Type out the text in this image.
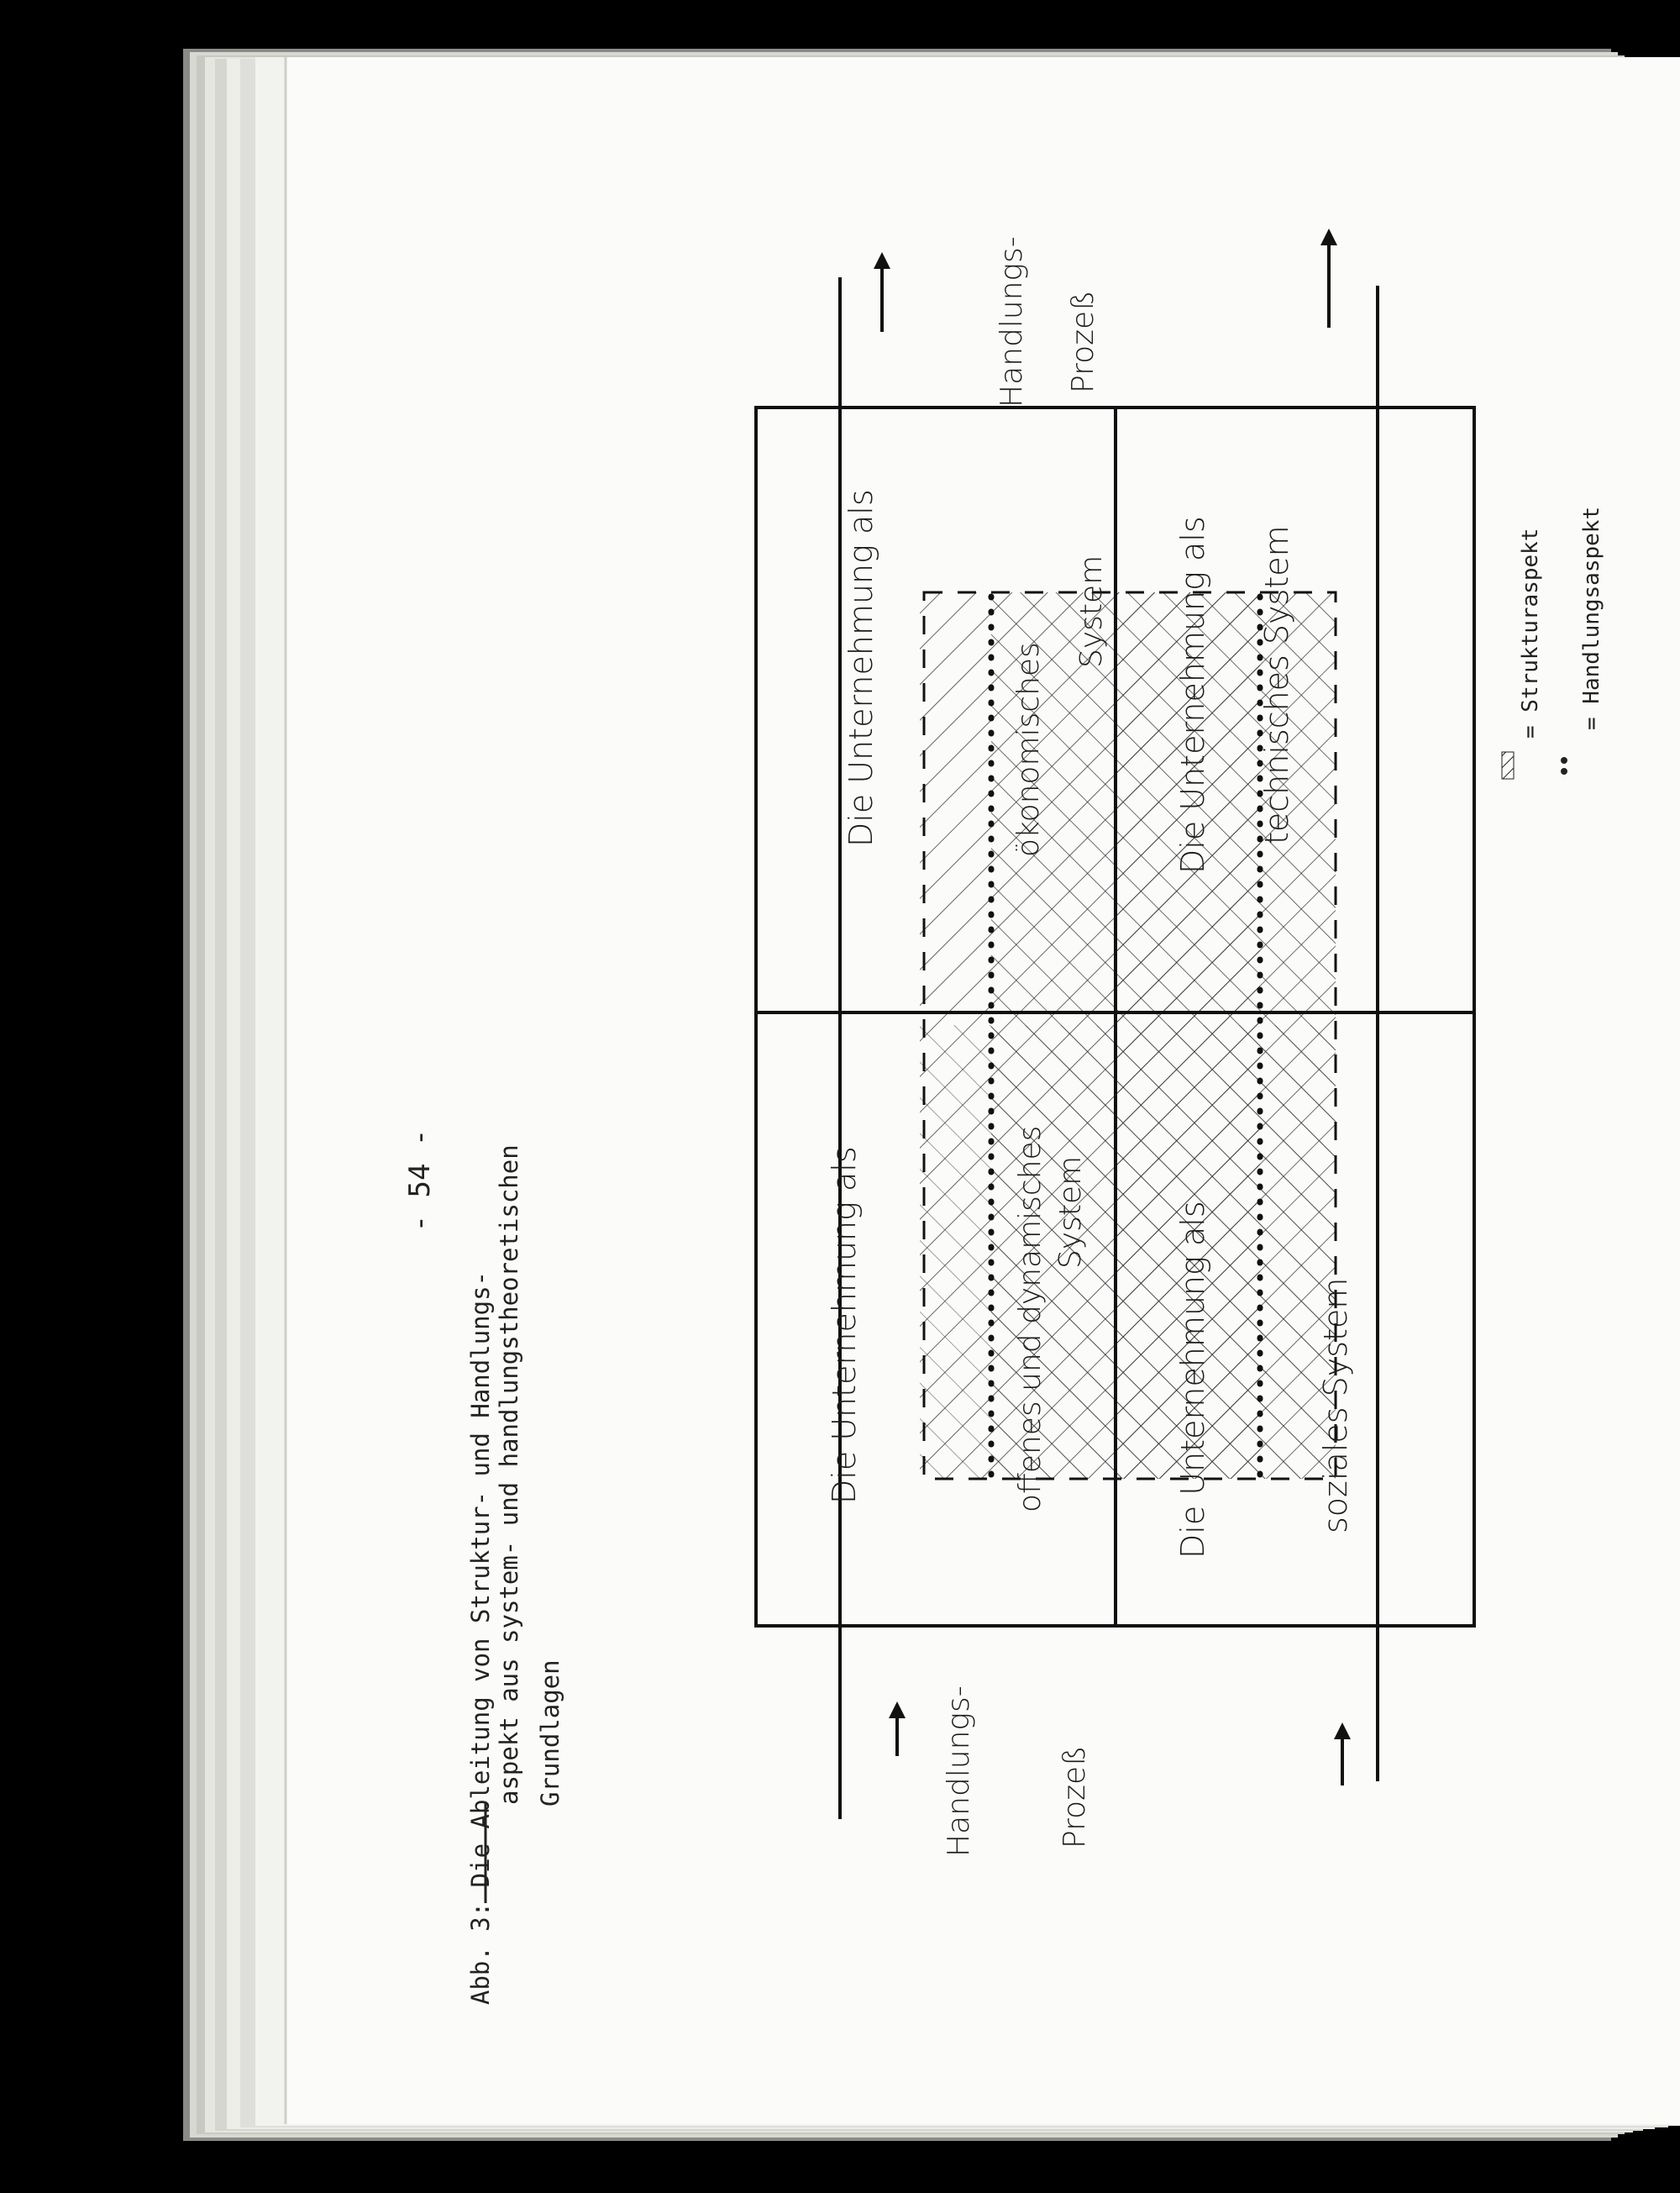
- 54 -
Abb. 3: Die Ableitung von Struktur- und Handlungs- aspekt aus system- und handlungstheoretischen Grundlagen
Die Unternehmung als	offenes und dynamisches System
Die Unternehmung als	ökonomisches
System
Die Unternehmung als	soziales System
Die Unternehmung als technisches System
Handlungs- Prozeß
Handlungs-	Prozeß
= Strukturaspekt = Handlungsaspekt
